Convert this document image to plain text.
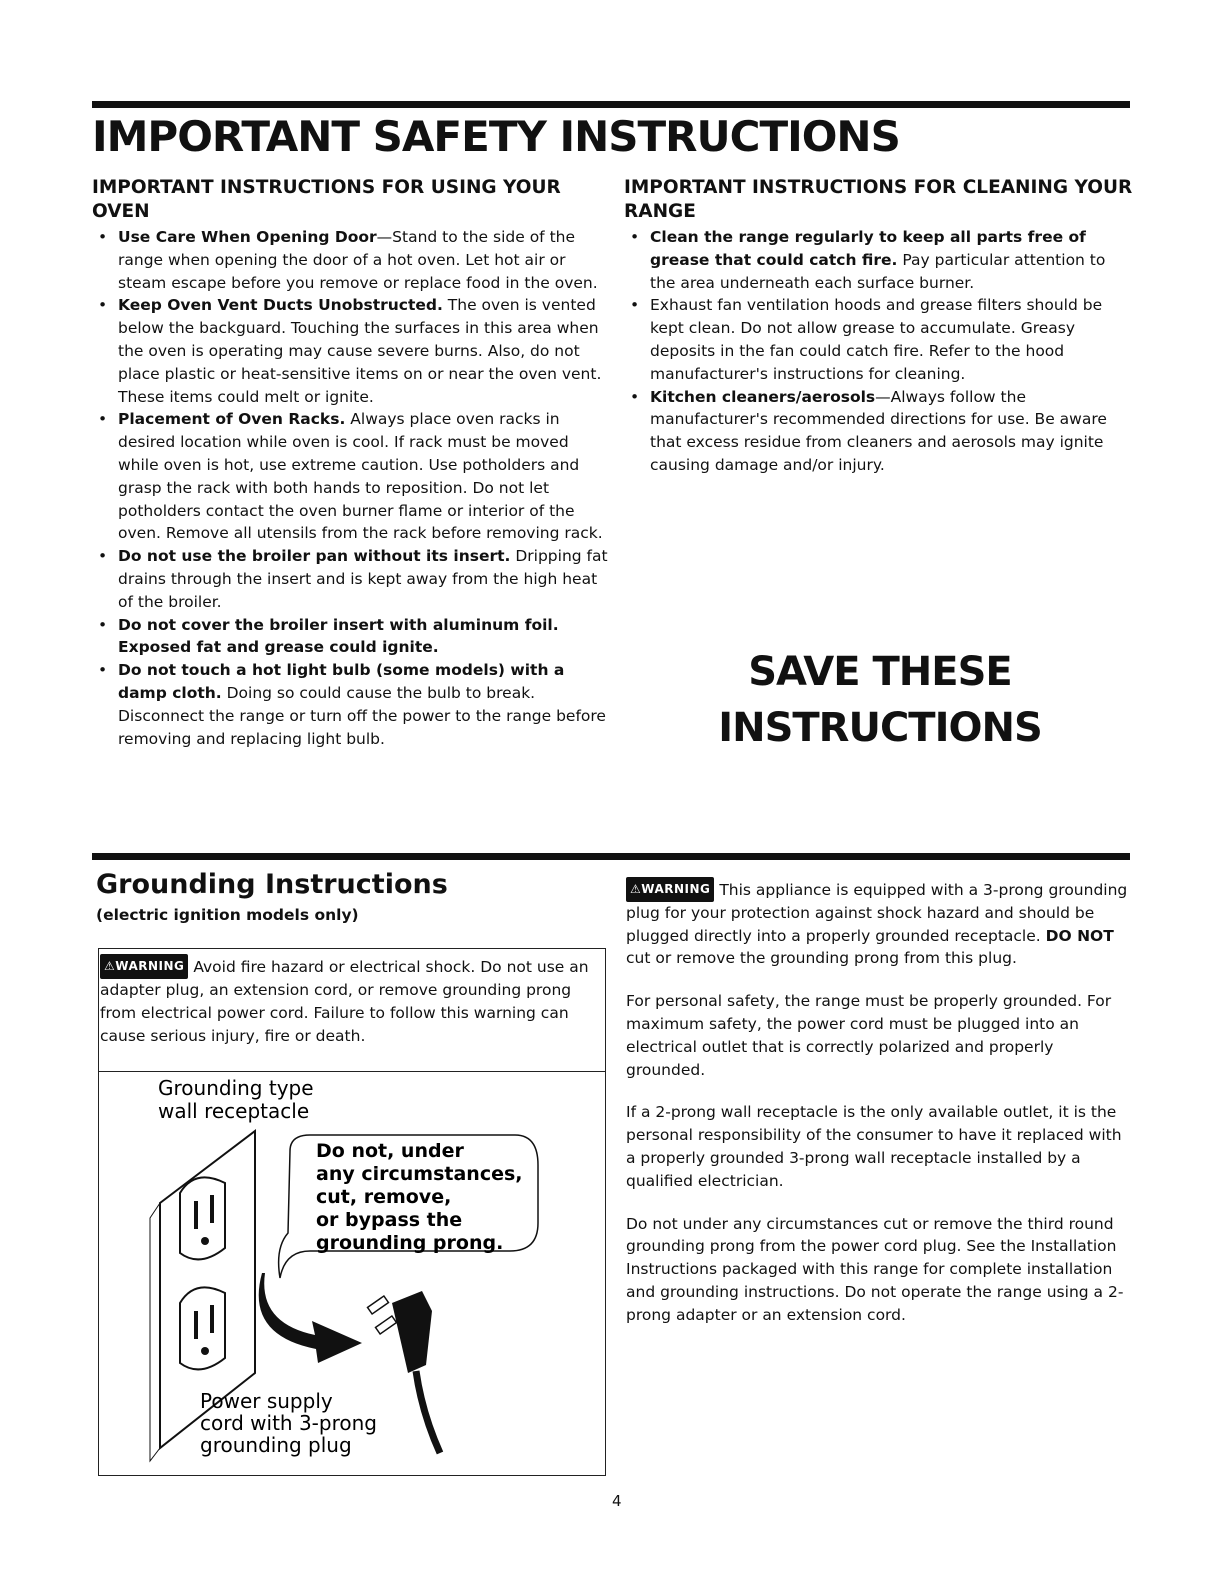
IMPORTANT SAFETY INSTRUCTIONS
IMPORTANT INSTRUCTIONS FOR USING YOUR OVEN
• Use Care When Opening Door—Stand to the side of the range when opening the door of a hot oven. Let hot air or steam escape before you remove or replace food in the oven.
• Keep Oven Vent Ducts Unobstructed. The oven is vented below the backguard. Touching the surfaces in this area when the oven is operating may cause severe burns. Also, do not place plastic or heat-sensitive items on or near the oven vent. These items could melt or ignite.
• Placement of Oven Racks. Always place oven racks in desired location while oven is cool. If rack must be moved while oven is hot, use extreme caution. Use potholders and grasp the rack with both hands to reposition. Do not let potholders contact the oven burner flame or interior of the oven. Remove all utensils from the rack before removing rack.
• Do not use the broiler pan without its insert. Dripping fat drains through the insert and is kept away from the high heat of the broiler.
• Do not cover the broiler insert with aluminum foil. Exposed fat and grease could ignite.
• Do not touch a hot light bulb (some models) with a damp cloth. Doing so could cause the bulb to break. Disconnect the range or turn off the power to the range before removing and replacing light bulb.
IMPORTANT INSTRUCTIONS FOR CLEANING YOUR RANGE
• Clean the range regularly to keep all parts free of grease that could catch fire. Pay particular attention to the area underneath each surface burner.
• Exhaust fan ventilation hoods and grease filters should be kept clean. Do not allow grease to accumulate. Greasy deposits in the fan could catch fire. Refer to the hood manufacturer's instructions for cleaning.
• Kitchen cleaners/aerosols—Always follow the manufacturer's recommended directions for use. Be aware that excess residue from cleaners and aerosols may ignite causing damage and/or injury.
SAVE THESE
INSTRUCTIONS
Grounding Instructions
(electric ignition models only)
⚠WARNING Avoid fire hazard or electrical shock. Do not use an adapter plug, an extension cord, or remove grounding prong from electrical power cord. Failure to follow this warning can cause serious injury, fire or death.
Grounding type
wall receptacle
Do not, under
any circumstances,
cut, remove,
or bypass the
grounding prong.
Power supply
cord with 3-prong
grounding plug

⚠WARNING This appliance is equipped with a 3-prong grounding plug for your protection against shock hazard and should be plugged directly into a properly grounded receptacle. DO NOT cut or remove the grounding prong from this plug.

For personal safety, the range must be properly grounded. For maximum safety, the power cord must be plugged into an electrical outlet that is correctly polarized and properly grounded.

If a 2-prong wall receptacle is the only available outlet, it is the personal responsibility of the consumer to have it replaced with a properly grounded 3-prong wall receptacle installed by a qualified electrician.

Do not under any circumstances cut or remove the third round grounding prong from the power cord plug. See the Installation Instructions packaged with this range for complete installation and grounding instructions. Do not operate the range using a 2-prong adapter or an extension cord.

4
